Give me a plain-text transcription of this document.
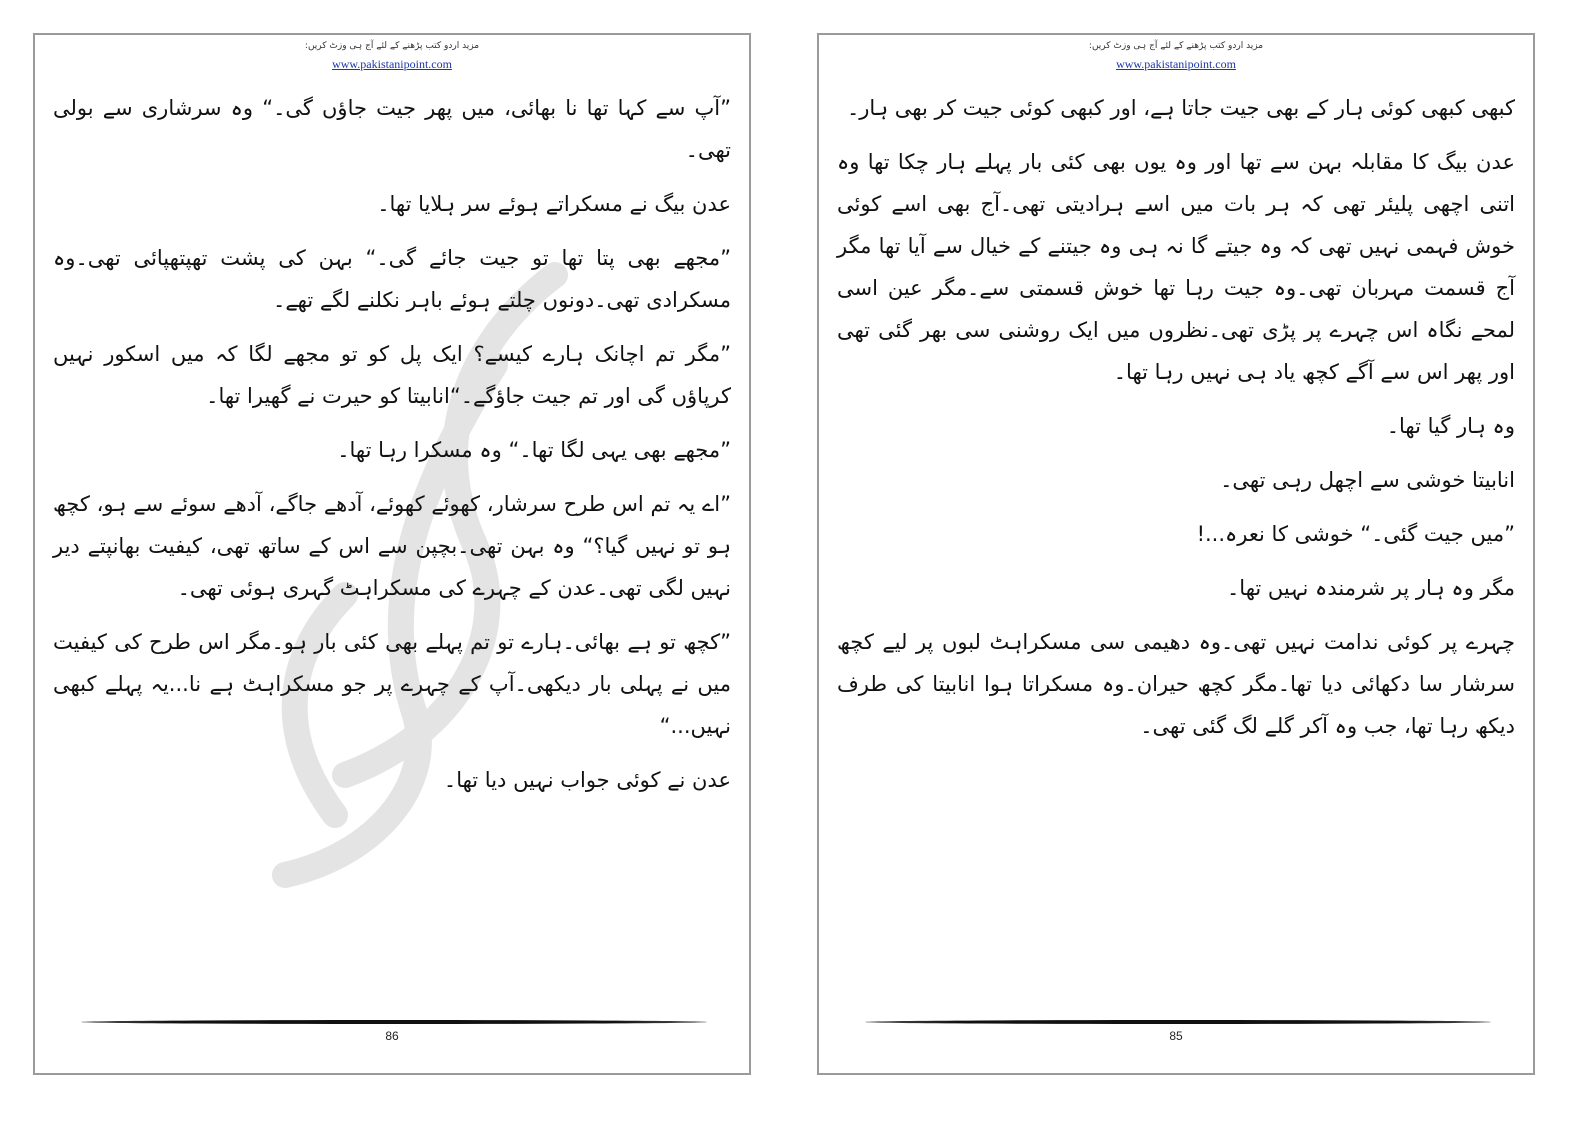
مزید اردو کتب پڑھنے کے لئے آج ہی وزٹ کریں:
www.pakistanipoint.com

”آپ سے کہا تھا نا بھائی، میں پھر جیت جاؤں گی۔“ وہ سرشاری سے بولی تھی۔

عدن بیگ نے مسکراتے ہوئے سر ہلایا تھا۔

”مجھے بھی پتا تھا تو جیت جائے گی۔“ بہن کی پشت تھپتھپائی تھی۔وہ مسکرادی تھی۔دونوں چلتے ہوئے باہر نکلنے لگے تھے۔

”مگر تم اچانک ہارے کیسے؟ ایک پل کو تو مجھے لگا کہ میں اسکور نہیں کرپاؤں گی اور تم جیت جاؤگے۔“انابیتا کو حیرت نے گھیرا تھا۔

”مجھے بھی یہی لگا تھا۔“ وہ مسکرا رہا تھا۔

”اے یہ تم اس طرح سرشار، کھوئے کھوئے، آدھے جاگے، آدھے سوئے سے ہو، کچھ ہو تو نہیں گیا؟“ وہ بہن تھی۔بچپن سے اس کے ساتھ تھی، کیفیت بھانپتے دیر نہیں لگی تھی۔عدن کے چہرے کی مسکراہٹ گہری ہوئی تھی۔

”کچھ تو ہے بھائی۔ہارے تو تم پہلے بھی کئی بار ہو۔مگر اس طرح کی کیفیت میں نے پہلی بار دیکھی۔آپ کے چہرے پر جو مسکراہٹ ہے نا...یہ پہلے کبھی نہیں...“

عدن نے کوئی جواب نہیں دیا تھا۔

86
مزید اردو کتب پڑھنے کے لئے آج ہی وزٹ کریں:
www.pakistanipoint.com

کبھی کبھی کوئی ہار کے بھی جیت جاتا ہے، اور کبھی کوئی جیت کر بھی ہار۔

عدن بیگ کا مقابلہ بہن سے تھا اور وہ یوں بھی کئی بار پہلے ہار چکا تھا وہ اتنی اچھی پلیئر تھی کہ ہر بات میں اسے ہرادیتی تھی۔آج بھی اسے کوئی خوش فہمی نہیں تھی کہ وہ جیتے گا نہ ہی وہ جیتنے کے خیال سے آیا تھا مگر آج قسمت مہربان تھی۔وہ جیت رہا تھا خوش قسمتی سے۔مگر عین اسی لمحے نگاہ اس چہرے پر پڑی تھی۔نظروں میں ایک روشنی سی بھر گئی تھی اور پھر اس سے آگے کچھ یاد ہی نہیں رہا تھا۔

وہ ہار گیا تھا۔

انابیتا خوشی سے اچھل رہی تھی۔

”میں جیت گئی۔“ خوشی کا نعرہ...!

مگر وہ ہار پر شرمندہ نہیں تھا۔

چہرے پر کوئی ندامت نہیں تھی۔وہ دھیمی سی مسکراہٹ لبوں پر لیے کچھ سرشار سا دکھائی دیا تھا۔مگر کچھ حیران۔وہ مسکراتا ہوا انابیتا کی طرف دیکھ رہا تھا، جب وہ آکر گلے لگ گئی تھی۔

85
